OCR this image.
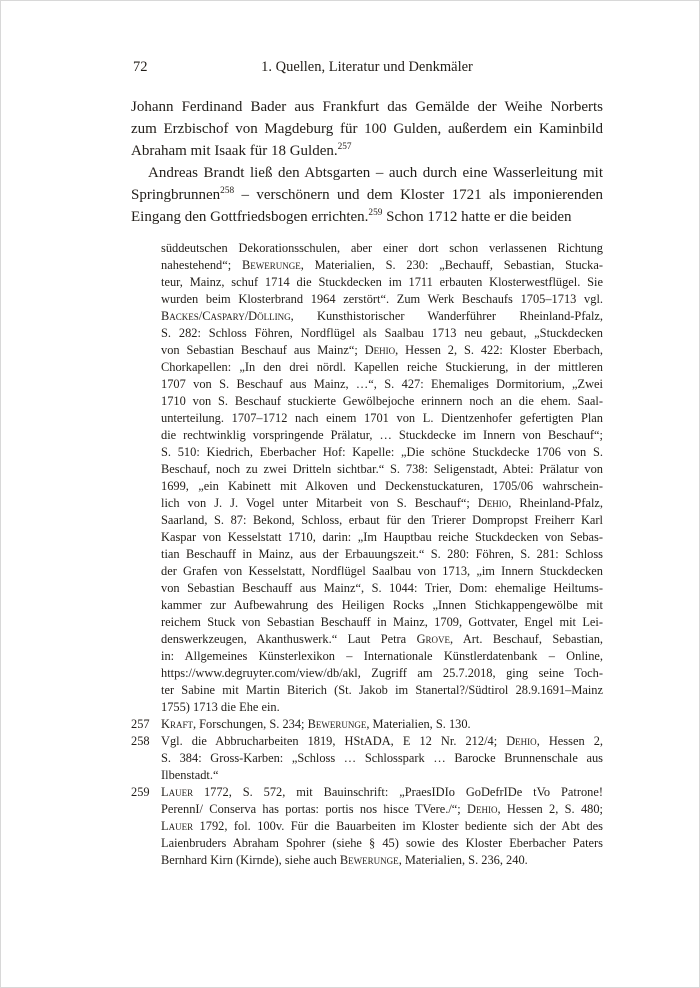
72	1. Quellen, Literatur und Denkmäler
Johann Ferdinand Bader aus Frankfurt das Gemälde der Weihe Norberts
zum Erzbischof von Magdeburg für 100 Gulden, außerdem ein Kaminbild
Abraham mit Isaak für 18 Gulden.$^{257}$
Andreas Brandt ließ den Abtsgarten – auch durch eine Wasserleitung mit
Springbrunnen$^{258}$ – verschönern und dem Kloster 1721 als imponierenden
Eingang den Gottfriedsbogen errichten.$^{259}$ Schon 1712 hatte er die beiden
süddeutschen Dekorationsschulen, aber einer dort schon verlassenen Richtung
nahestehend“; Bewerunge, Materialien, S. 230: „Bechauff, Sebastian, Stucka-
teur, Mainz, schuf 1714 die Stuckdecken im 1711 erbauten Klosterwestflügel. Sie
wurden beim Klosterbrand 1964 zerstört“. Zum Werk Beschaufs 1705–1713 vgl.
Backes/Caspary/Dölling, Kunsthistorischer Wanderführer Rheinland-Pfalz,
S. 282: Schloss Föhren, Nordflügel als Saalbau 1713 neu gebaut, „Stuckdecken
von Sebastian Beschauf aus Mainz“; Dehio, Hessen 2, S. 422: Kloster Eberbach,
Chorkapellen: „In den drei nördl. Kapellen reiche Stuckierung, in der mittleren
1707 von S. Beschauf aus Mainz, …“, S. 427: Ehemaliges Dormitorium, „Zwei
1710 von S. Beschauf stuckierte Gewölbejoche erinnern noch an die ehem. Saal-
unterteilung. 1707–1712 nach einem 1701 von L. Dientzenhofer gefertigten Plan
die rechtwinklig vorspringende Prälatur, … Stuckdecke im Innern von Beschauf“;
S. 510: Kiedrich, Eberbacher Hof: Kapelle: „Die schöne Stuckdecke 1706 von S.
Beschauf, noch zu zwei Dritteln sichtbar.“ S. 738: Seligenstadt, Abtei: Prälatur von
1699, „ein Kabinett mit Alkoven und Deckenstuckaturen, 1705/06 wahrschein-
lich von J. J. Vogel unter Mitarbeit von S. Beschauf“; Dehio, Rheinland-Pfalz,
Saarland, S. 87: Bekond, Schloss, erbaut für den Trierer Dompropst Freiherr Karl
Kaspar von Kesselstatt 1710, darin: „Im Hauptbau reiche Stuckdecken von Sebas-
tian Beschauff in Mainz, aus der Erbauungszeit.“ S. 280: Föhren, S. 281: Schloss
der Grafen von Kesselstatt, Nordflügel Saalbau von 1713, „im Innern Stuckdecken
von Sebastian Beschauff aus Mainz“, S. 1044: Trier, Dom: ehemalige Heiltums-
kammer zur Aufbewahrung des Heiligen Rocks „Innen Stichkappengewölbe mit
reichem Stuck von Sebastian Beschauff in Mainz, 1709, Gottvater, Engel mit Lei-
denswerkzeugen, Akanthuswerk.“ Laut Petra Grove, Art. Beschauf, Sebastian,
in: Allgemeines Künsterlexikon – Internationale Künstlerdatenbank – Online,
https://www.degruyter.com/view/db/akl, Zugriff am 25.7.2018, ging seine Toch-
ter Sabine mit Martin Biterich (St. Jakob im Stanertal?/Südtirol 28.9.1691–Mainz
1755) 1713 die Ehe ein.
257 Kraft, Forschungen, S. 234; Bewerunge, Materialien, S. 130.
258 Vgl. die Abbrucharbeiten 1819, HStADA, E 12 Nr. 212/4; Dehio, Hessen 2,
S. 384: Gross-Karben: „Schloss … Schlosspark … Barocke Brunnenschale aus
Ilbenstadt.“
259 Lauer 1772, S. 572, mit Bauinschrift: „PraesIDIo GoDefrIDe tVo Patrone!
PerennI/ Conserva has portas: portis nos hisce TVere./“; Dehio, Hessen 2, S. 480;
Lauer 1792, fol. 100v. Für die Bauarbeiten im Kloster bediente sich der Abt des
Laienbruders Abraham Spohrer (siehe § 45) sowie des Kloster Eberbacher Paters
Bernhard Kirn (Kirnde), siehe auch Bewerunge, Materialien, S. 236, 240.
